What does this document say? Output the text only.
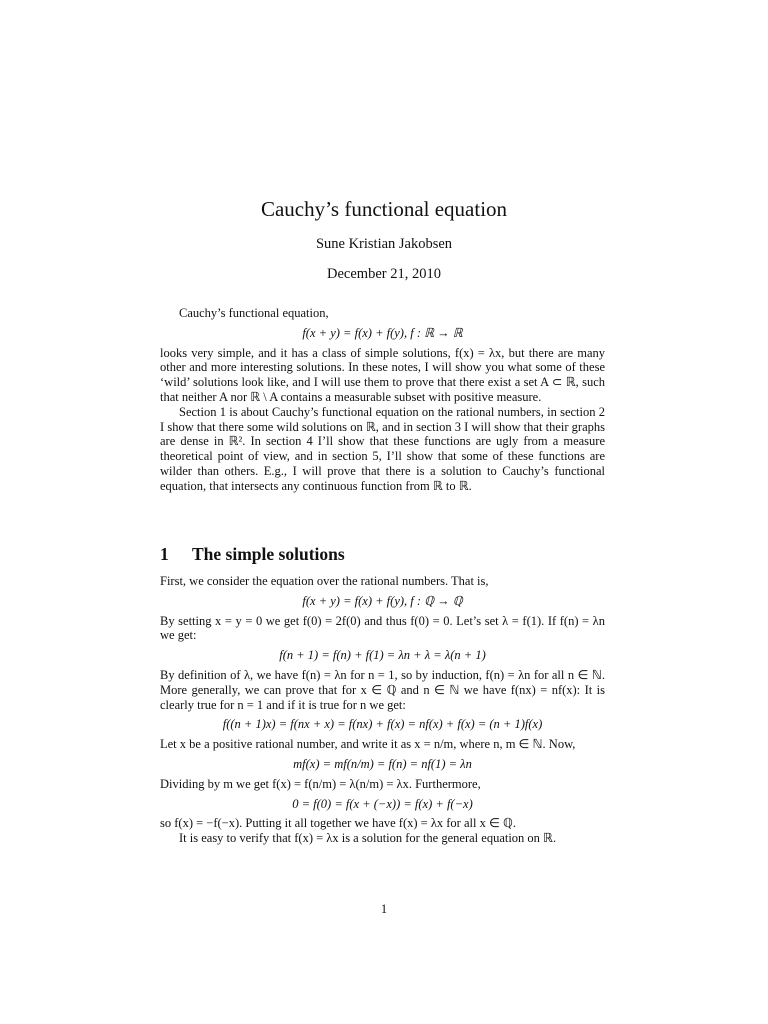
Cauchy’s functional equation
Sune Kristian Jakobsen
December 21, 2010

Cauchy’s functional equation,

f(x + y) = f(x) + f(y), f : ℝ → ℝ

looks very simple, and it has a class of simple solutions, f(x) = λx, but there are many other and more interesting solutions. In these notes, I will show you what some of these ‘wild’ solutions look like, and I will use them to prove that there exist a set A ⊂ ℝ, such that neither A nor ℝ \ A contains a measurable subset with positive measure.

Section 1 is about Cauchy’s functional equation on the rational numbers, in section 2 I show that there some wild solutions on ℝ, and in section 3 I will show that their graphs are dense in ℝ². In section 4 I’ll show that these functions are ugly from a measure theoretical point of view, and in section 5, I’ll show that some of these functions are wilder than others. E.g., I will prove that there is a solution to Cauchy’s functional equation, that intersects any continuous function from ℝ to ℝ.

1 The simple solutions

First, we consider the equation over the rational numbers. That is,

f(x + y) = f(x) + f(y), f : ℚ → ℚ

By setting x = y = 0 we get f(0) = 2f(0) and thus f(0) = 0. Let’s set λ = f(1). If f(n) = λn we get:

f(n + 1) = f(n) + f(1) = λn + λ = λ(n + 1)

By definition of λ, we have f(n) = λn for n = 1, so by induction, f(n) = λn for all n ∈ ℕ. More generally, we can prove that for x ∈ ℚ and n ∈ ℕ we have f(nx) = nf(x): It is clearly true for n = 1 and if it is true for n we get:

f((n + 1)x) = f(nx + x) = f(nx) + f(x) = nf(x) + f(x) = (n + 1)f(x)

Let x be a positive rational number, and write it as x = n/m, where n, m ∈ ℕ. Now,

mf(x) = mf(n/m) = f(n) = nf(1) = λn

Dividing by m we get f(x) = f(n/m) = λ(n/m) = λx. Furthermore,

0 = f(0) = f(x + (−x)) = f(x) + f(−x)

so f(x) = −f(−x). Putting it all together we have f(x) = λx for all x ∈ ℚ.

It is easy to verify that f(x) = λx is a solution for the general equation on ℝ.

1
